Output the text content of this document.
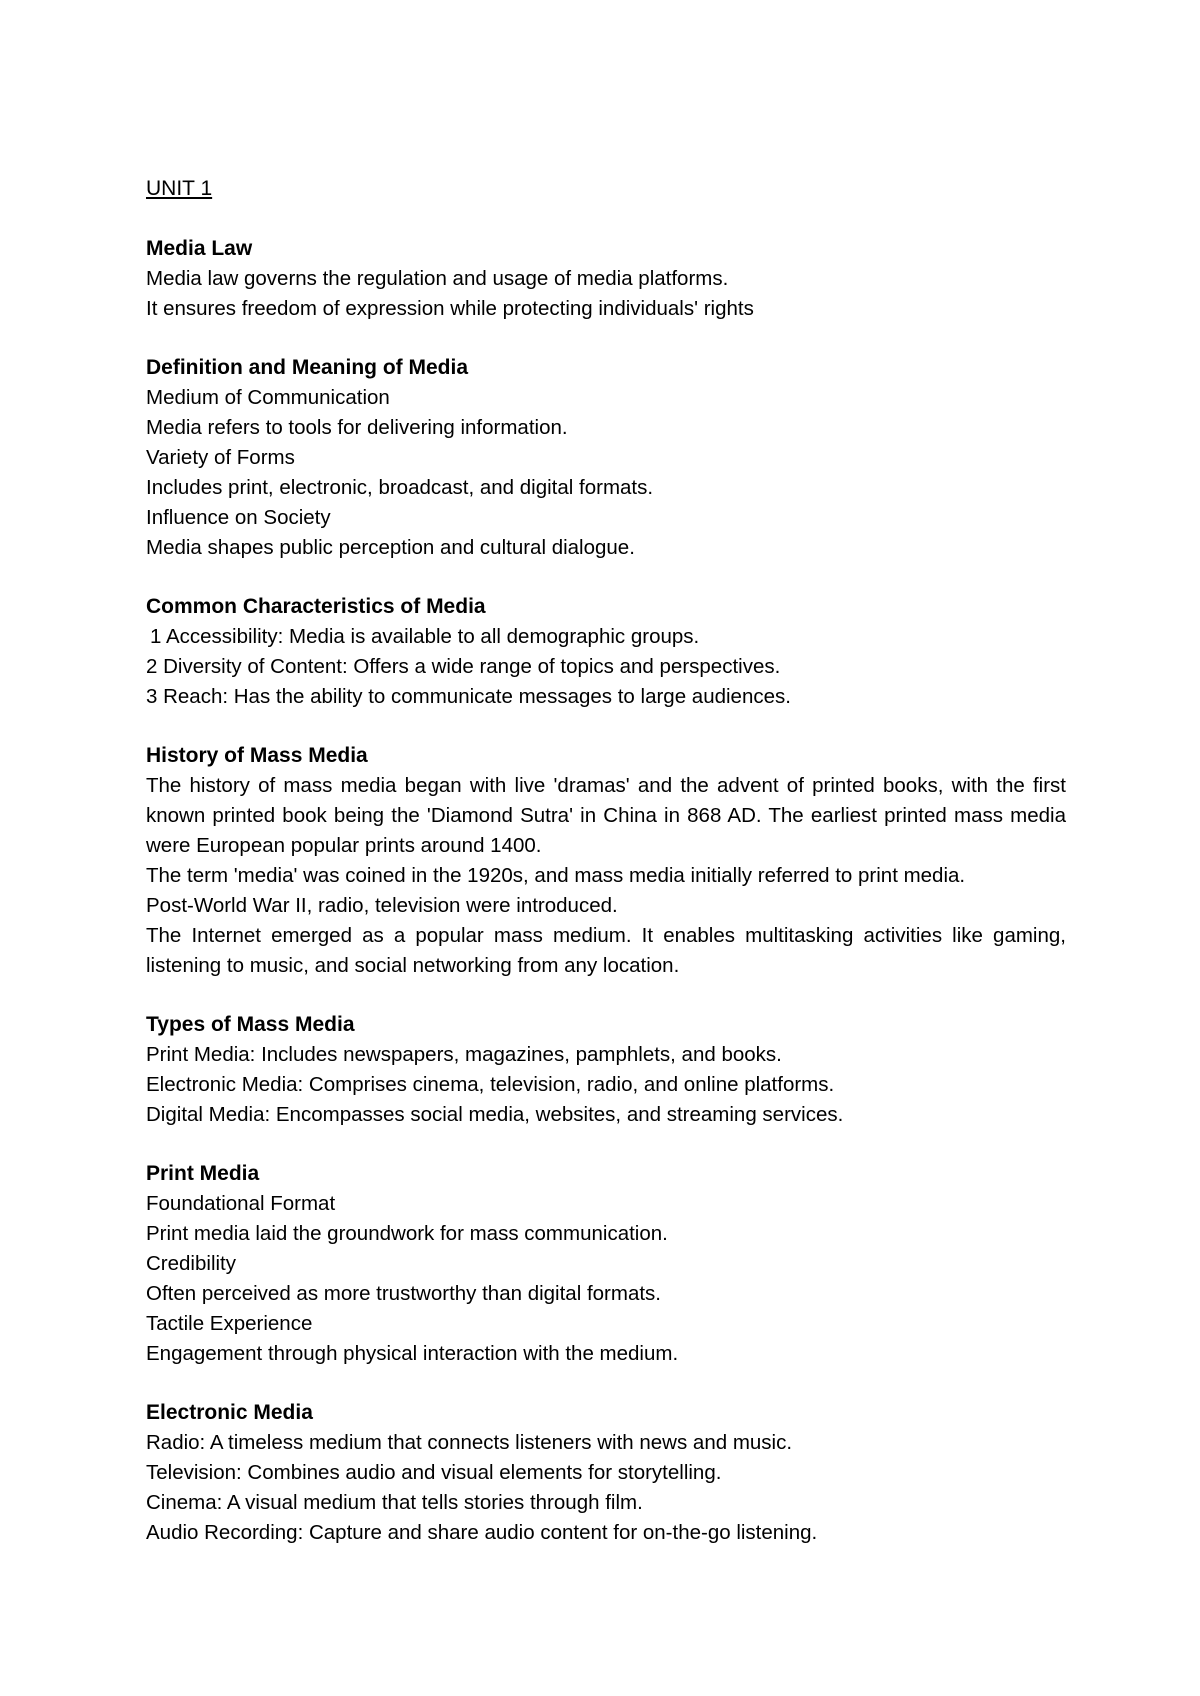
UNIT 1

Media Law

Media law governs the regulation and usage of media platforms.

It ensures freedom of expression while protecting individuals' rights

Definition and Meaning of Media

Medium of Communication

Media refers to tools for delivering information.

Variety of Forms

Includes print, electronic, broadcast, and digital formats.

Influence on Society

Media shapes public perception and cultural dialogue.

Common Characteristics of Media

1 Accessibility: Media is available to all demographic groups.

2 Diversity of Content: Offers a wide range of topics and perspectives.

3 Reach: Has the ability to communicate messages to large audiences.

History of Mass Media

The history of mass media began with live 'dramas' and the advent of printed books, with the first known printed book being the 'Diamond Sutra' in China in 868 AD. The earliest printed mass media were European popular prints around 1400.

The term 'media' was coined in the 1920s, and mass media initially referred to print media.

Post-World War II, radio, television were introduced.

The Internet emerged as a popular mass medium. It enables multitasking activities like gaming, listening to music, and social networking from any location.

Types of Mass Media

Print Media: Includes newspapers, magazines, pamphlets, and books.

Electronic Media: Comprises cinema, television, radio, and online platforms.

Digital Media: Encompasses social media, websites, and streaming services.

Print Media

Foundational Format

Print media laid the groundwork for mass communication.

Credibility

Often perceived as more trustworthy than digital formats.

Tactile Experience

Engagement through physical interaction with the medium.

Electronic Media

Radio: A timeless medium that connects listeners with news and music.

Television: Combines audio and visual elements for storytelling.

Cinema: A visual medium that tells stories through film.

Audio Recording: Capture and share audio content for on-the-go listening.
